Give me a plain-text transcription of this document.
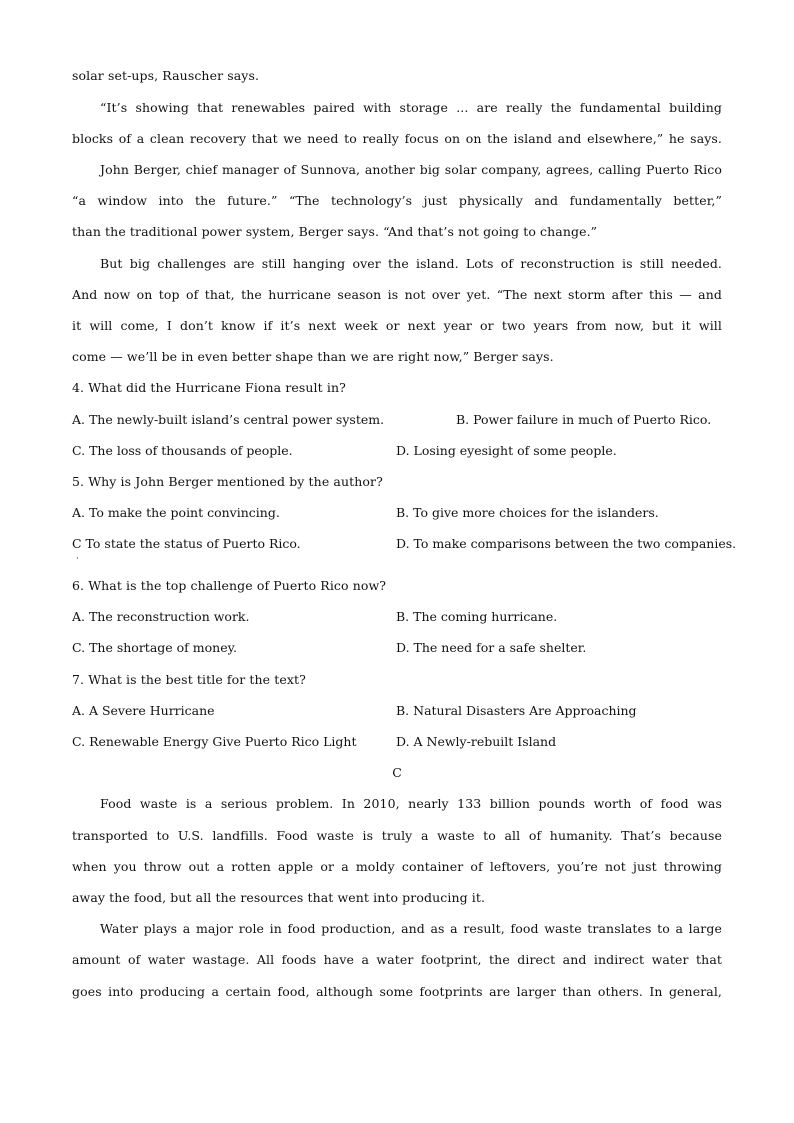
solar set-ups, Rauscher says.
“It’s showing that renewables paired with storage ... are really the fundamental building
blocks of a clean recovery that we need to really focus on on the island and elsewhere,” he says.
John Berger, chief manager of Sunnova, another big solar company, agrees, calling Puerto Rico
“a window into the future.” “The technology’s just physically and fundamentally better,”
than the traditional power system, Berger says. “And that’s not going to change.”
But big challenges are still hanging over the island. Lots of reconstruction is still needed.
And now on top of that, the hurricane season is not over yet. “The next storm after this — and
it will come, I don’t know if it’s next week or next year or two years from now, but it will
come — we’ll be in even better shape than we are right now,” Berger says.
4. What did the Hurricane Fiona result in?
A. The newly-built island’s central power system.	B. Power failure in much of Puerto Rico.
C. The loss of thousands of people.	D. Losing eyesight of some people.
5. Why is John Berger mentioned by the author?
A. To make the point convincing.	B. To give more choices for the islanders.
C To state the status of Puerto Rico.	D. To make comparisons between the two companies.
·
6. What is the top challenge of Puerto Rico now?
A. The reconstruction work.	B. The coming hurricane.
C. The shortage of money.	D. The need for a safe shelter.
7. What is the best title for the text?
A. A Severe Hurricane	B. Natural Disasters Are Approaching
C. Renewable Energy Give Puerto Rico Light	D. A Newly-rebuilt Island
C
Food waste is a serious problem. In 2010, nearly 133 billion pounds worth of food was
transported to U.S. landfills. Food waste is truly a waste to all of humanity. That’s because
when you throw out a rotten apple or a moldy container of leftovers, you’re not just throwing
away the food, but all the resources that went into producing it.
Water plays a major role in food production, and as a result, food waste translates to a large
amount of water wastage. All foods have a water footprint, the direct and indirect water that
goes into producing a certain food, although some footprints are larger than others. In general,
